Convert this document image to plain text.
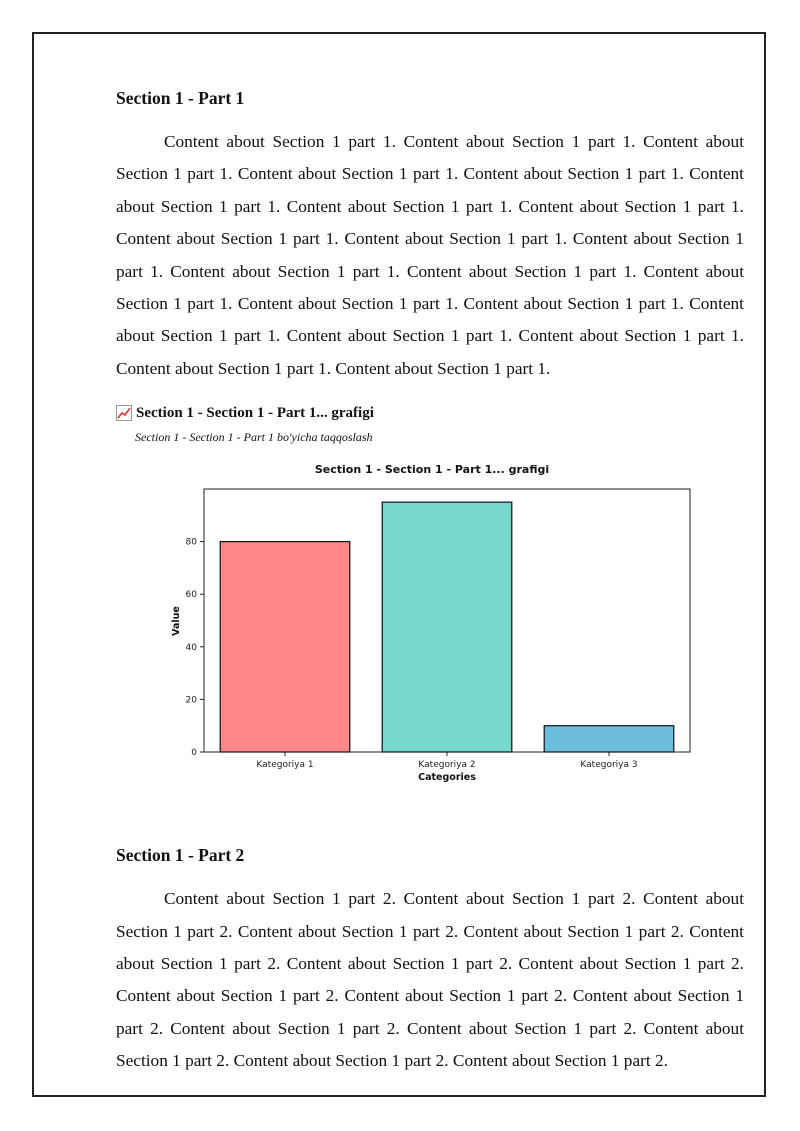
Section 1 - Part 1

Content about Section 1 part 1. Content about Section 1 part 1. Content about Section 1 part 1. Content about Section 1 part 1. Content about Section 1 part 1. Content about Section 1 part 1. Content about Section 1 part 1. Content about Section 1 part 1. Content about Section 1 part 1. Content about Section 1 part 1. Content about Section 1 part 1. Content about Section 1 part 1. Content about Section 1 part 1. Content about Section 1 part 1. Content about Section 1 part 1. Content about Section 1 part 1. Content about Section 1 part 1. Content about Section 1 part 1. Content about Section 1 part 1. Content about Section 1 part 1. Content about Section 1 part 1.

Section 1 - Section 1 - Part 1... grafigi
Section 1 - Section 1 - Part 1 bo'yicha taqqoslash
Section 1 - Section 1 - Part 1... grafigi
0
20
40
60
80
Kategoriya 1	Kategoriya 2	Kategoriya 3
Categories
Value
Section 1 - Part 2

Content about Section 1 part 2. Content about Section 1 part 2. Content about Section 1 part 2. Content about Section 1 part 2. Content about Section 1 part 2. Content about Section 1 part 2. Content about Section 1 part 2. Content about Section 1 part 2. Content about Section 1 part 2. Content about Section 1 part 2. Content about Section 1 part 2. Content about Section 1 part 2. Content about Section 1 part 2. Content about Section 1 part 2. Content about Section 1 part 2. Content about Section 1 part 2.
